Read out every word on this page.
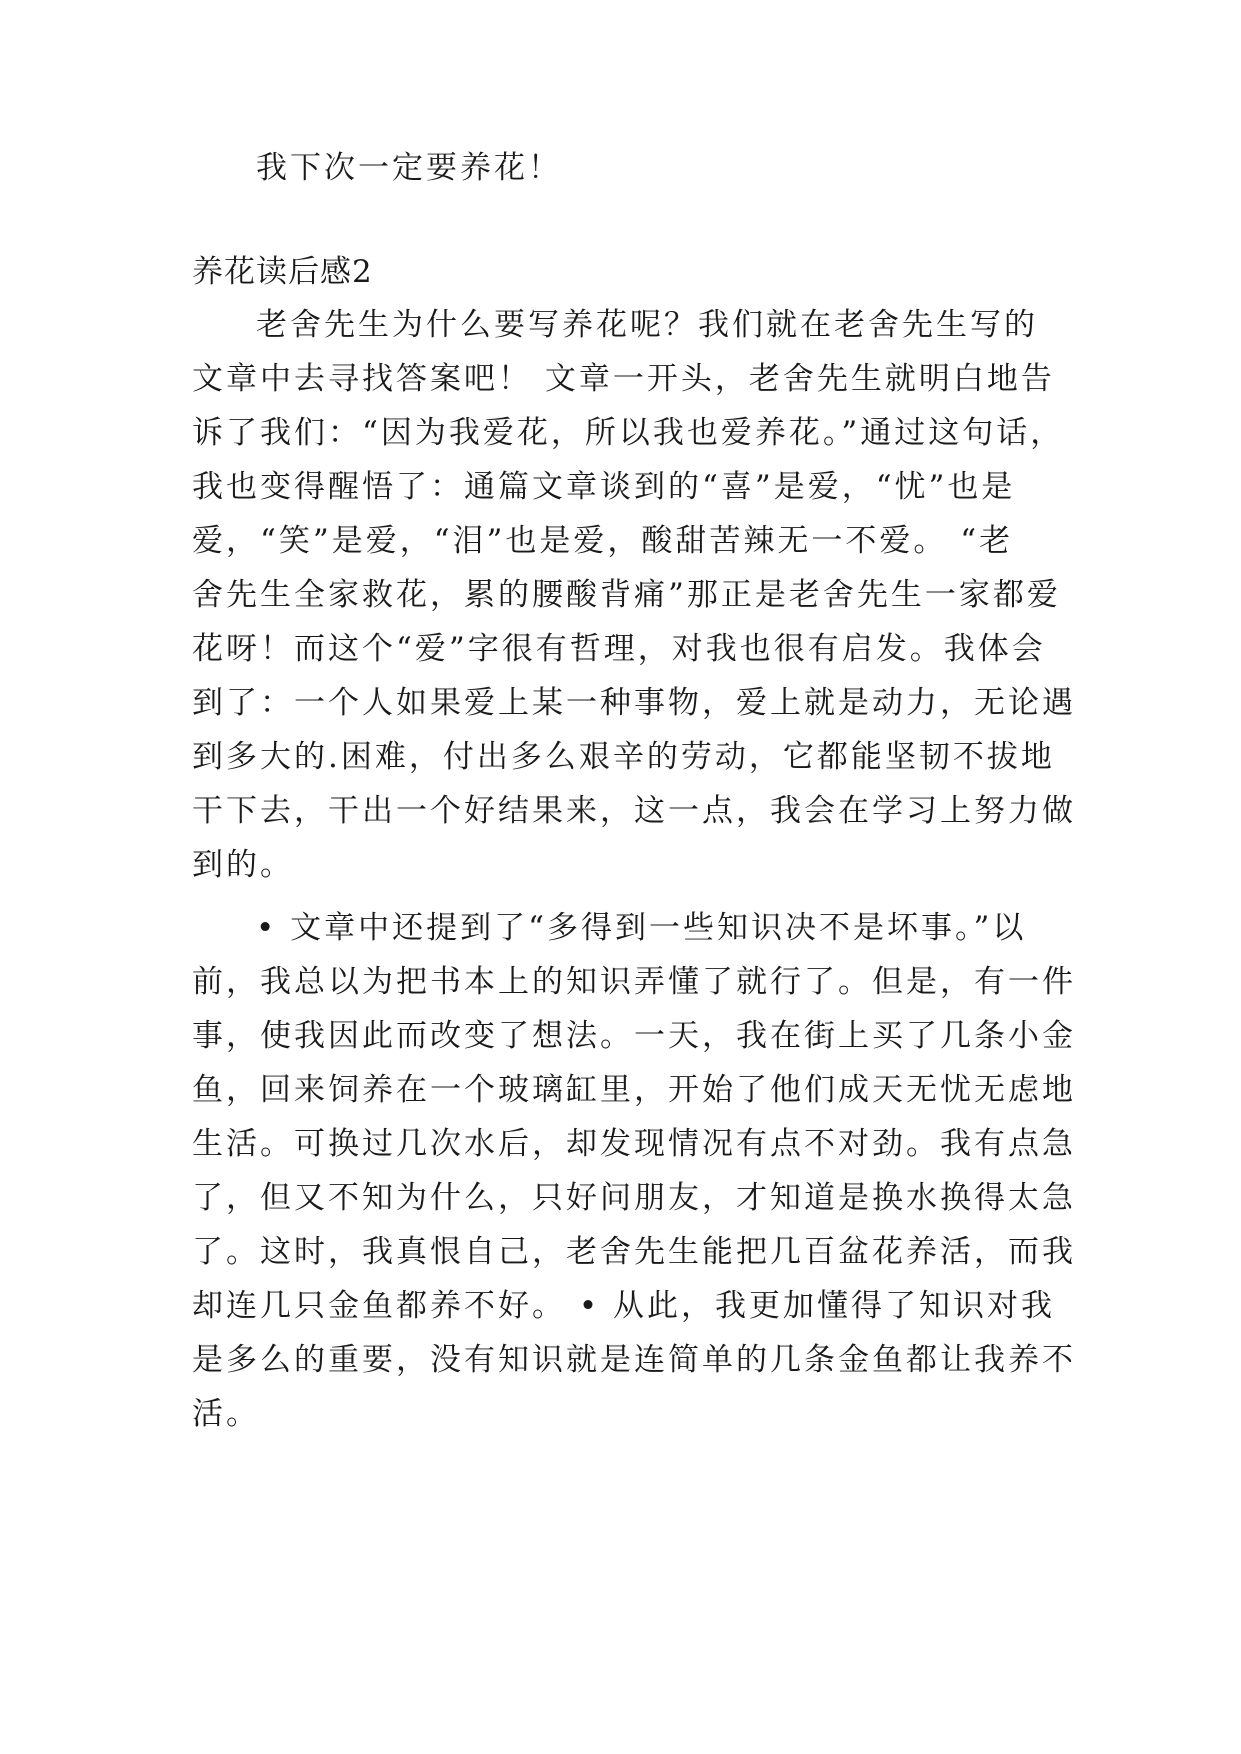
我下次一定要养花！
养花读后感2
老舍先生为什么要写养花呢？我们就在老舍先生写的
文章中去寻找答案吧！ 文章一开头，老舍先生就明白地告
诉了我们：“因为我爱花，所以我也爱养花。”通过这句话，
我也变得醒悟了：通篇文章谈到的“喜”是爱，“忧”也是
爱，“笑”是爱，“泪”也是爱，酸甜苦辣无一不爱。 “老
舍先生全家救花，累的腰酸背痛”那正是老舍先生一家都爱
花呀！而这个“爱”字很有哲理，对我也很有启发。我体会
到了：一个人如果爱上某一种事物，爱上就是动力，无论遇
到多大的.困难，付出多么艰辛的劳动，它都能坚韧不拔地
干下去，干出一个好结果来，这一点，我会在学习上努力做
到的。
• 文章中还提到了“多得到一些知识决不是坏事。”以
前，我总以为把书本上的知识弄懂了就行了。但是，有一件
事，使我因此而改变了想法。一天，我在街上买了几条小金
鱼，回来饲养在一个玻璃缸里，开始了他们成天无忧无虑地
生活。可换过几次水后，却发现情况有点不对劲。我有点急
了，但又不知为什么，只好问朋友，才知道是换水换得太急
了。这时，我真恨自己，老舍先生能把几百盆花养活，而我
却连几只金鱼都养不好。 • 从此，我更加懂得了知识对我
是多么的重要，没有知识就是连简单的几条金鱼都让我养不
活。
